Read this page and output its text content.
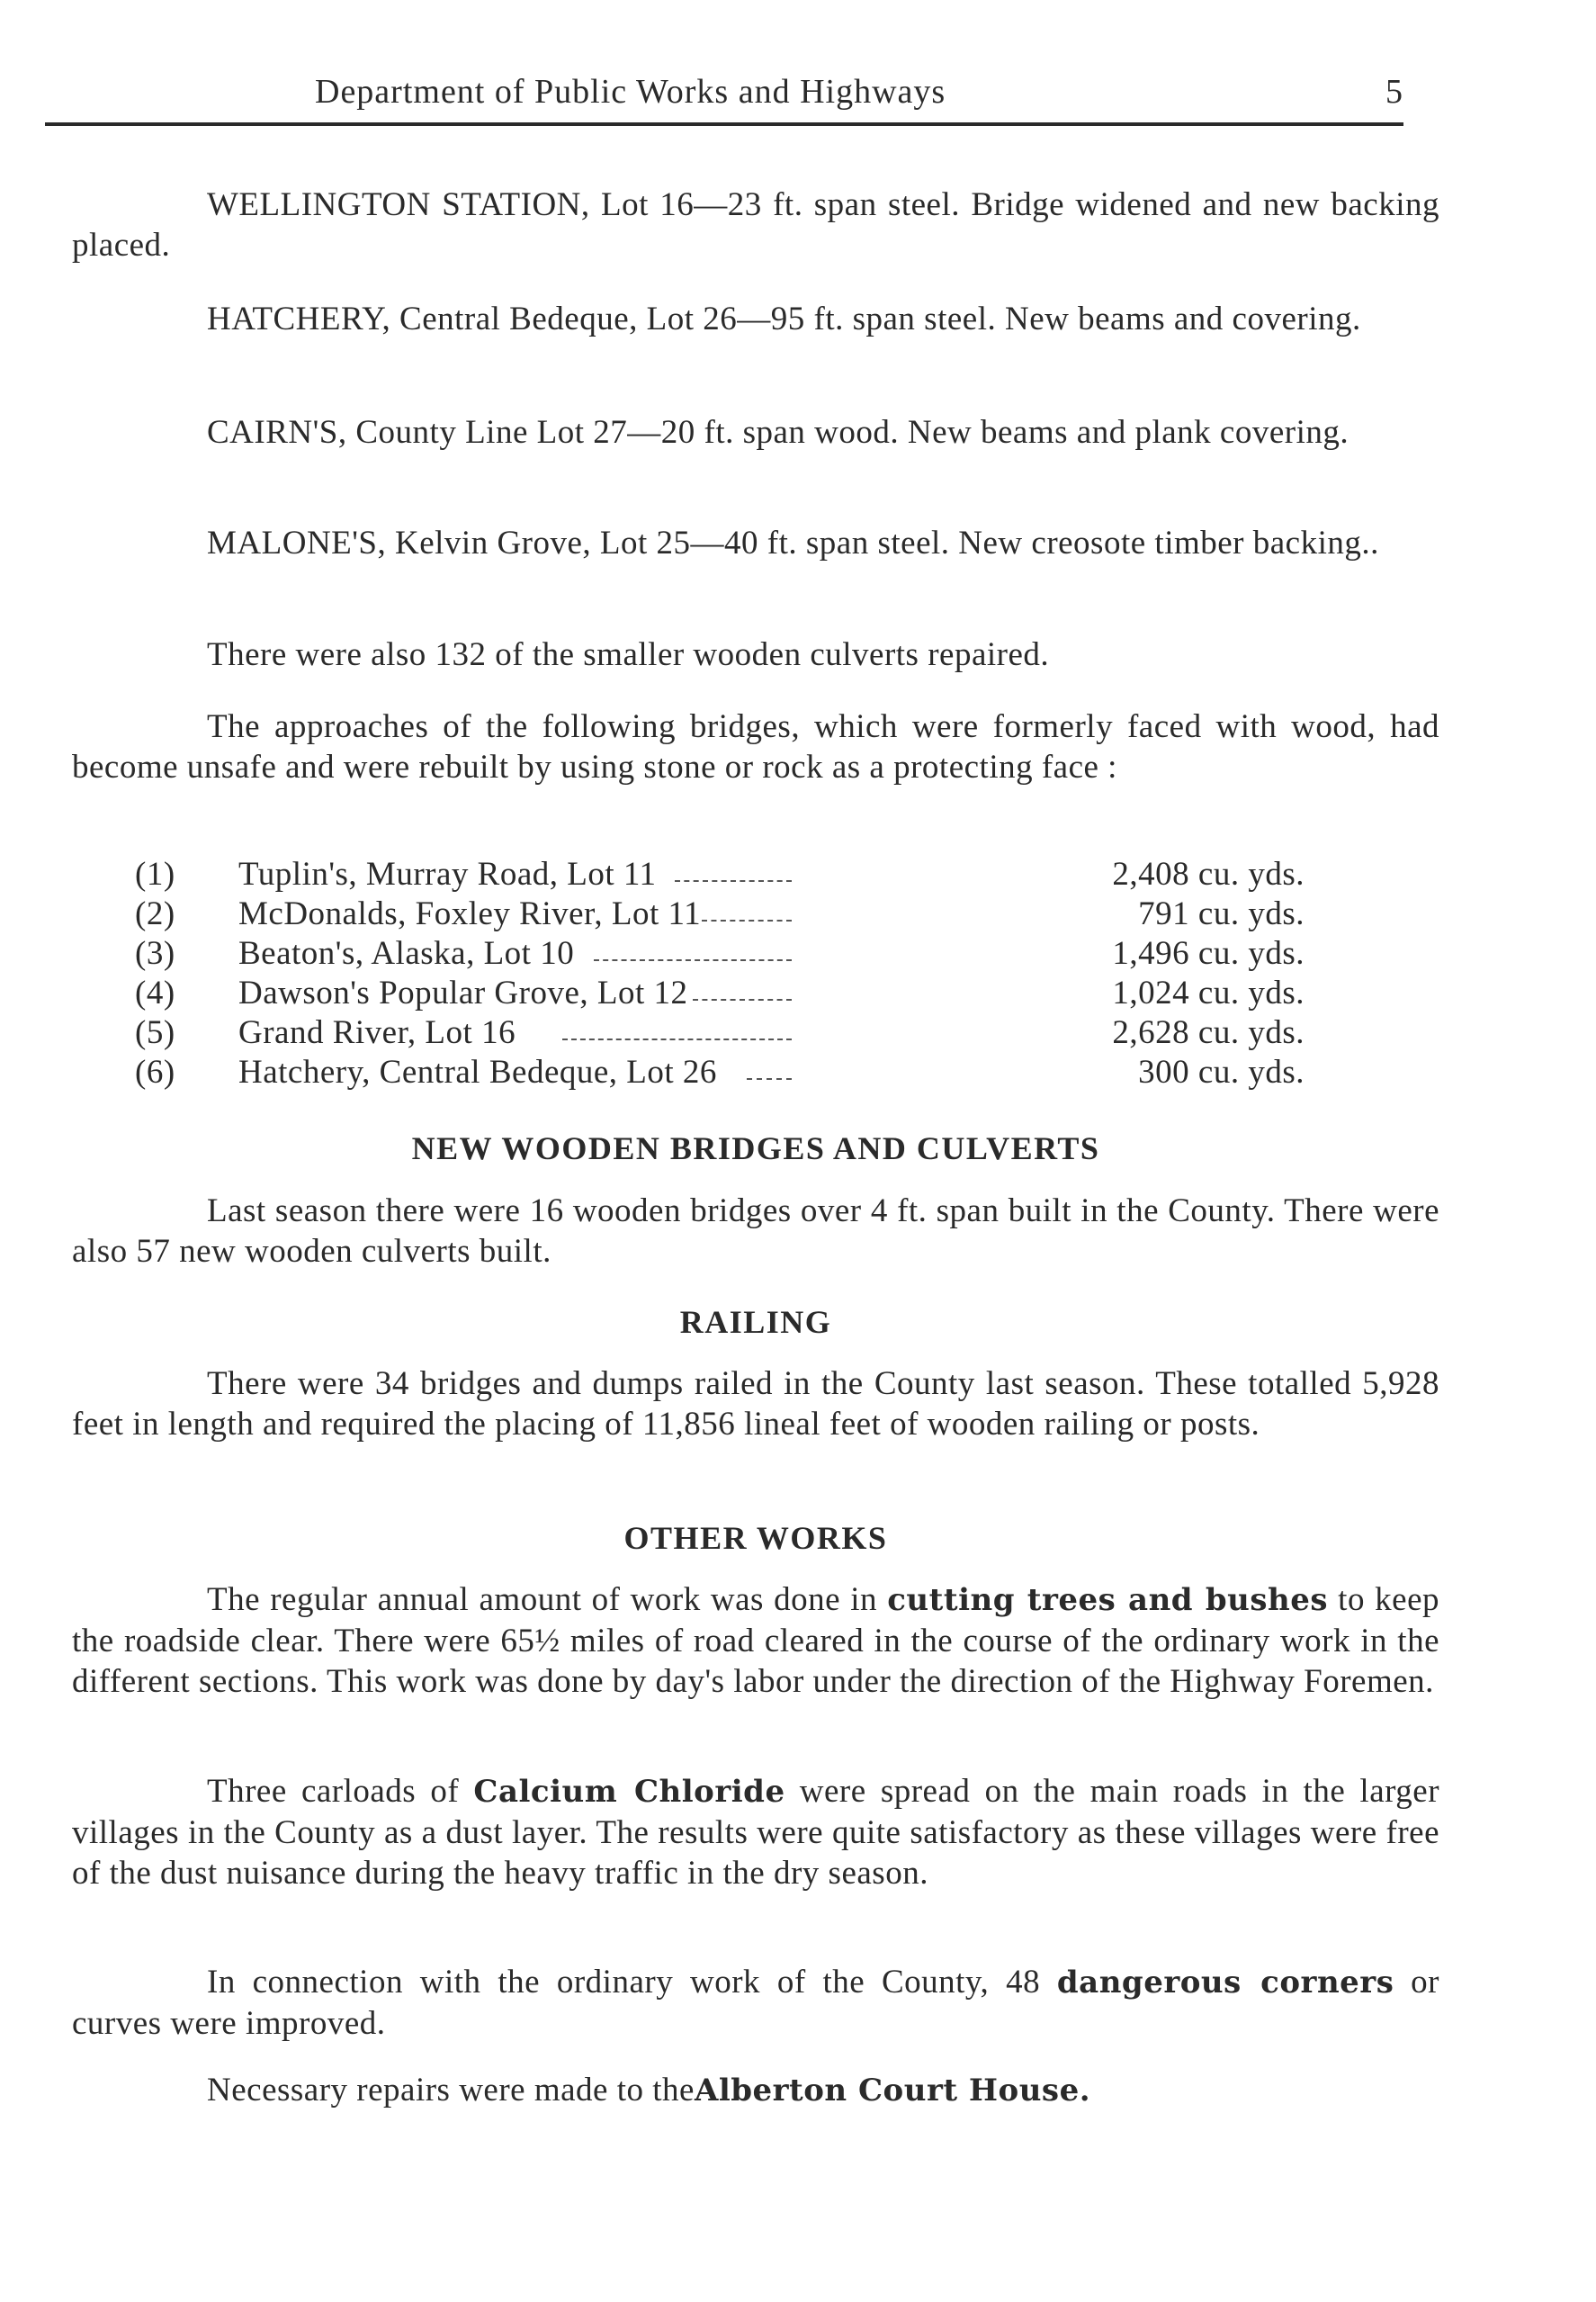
Department of Public Works and Highways	5

WELLINGTON STATION, Lot 16—23 ft. span steel. Bridge widened and new backing placed.

HATCHERY, Central Bedeque, Lot 26—95 ft. span steel. New beams and covering.

CAIRN'S, County Line Lot 27—20 ft. span wood. New beams and plank covering.

MALONE'S, Kelvin Grove, Lot 25—40 ft. span steel. New creosote timber backing..

There were also 132 of the smaller wooden culverts repaired.

The approaches of the following bridges, which were formerly faced with wood, had become unsafe and were rebuilt by using stone or rock as a protecting face :

(1)	Tuplin's, Murray Road, Lot 11	2,408 cu. yds.
(2)	McDonalds, Foxley River, Lot 11	791 cu. yds.
(3)	Beaton's, Alaska, Lot 10	1,496 cu. yds.
(4)	Dawson's Popular Grove, Lot 12	1,024 cu. yds.
(5)	Grand River, Lot 16	2,628 cu. yds.
(6)	Hatchery, Central Bedeque, Lot 26	300 cu. yds.
NEW WOODEN BRIDGES AND CULVERTS

Last season there were 16 wooden bridges over 4 ft. span built in the County. There were also 57 new wooden culverts built.

RAILING

There were 34 bridges and dumps railed in the County last season. These totalled 5,928 feet in length and required the placing of 11,856 lineal feet of wooden railing or posts.

OTHER WORKS

The regular annual amount of work was done in cutting trees and bushes to keep the roadside clear. There were 65½ miles of road cleared in the course of the ordinary work in the different sections. This work was done by day's labor under the direction of the Highway Foremen.

Three carloads of Calcium Chloride were spread on the main roads in the larger villages in the County as a dust layer. The results were quite satisfactory as these villages were free of the dust nuisance during the heavy traffic in the dry season.

In connection with the ordinary work of the County, 48 dangerous corners or curves were improved.

Necessary repairs were made to theAlberton Court House.
